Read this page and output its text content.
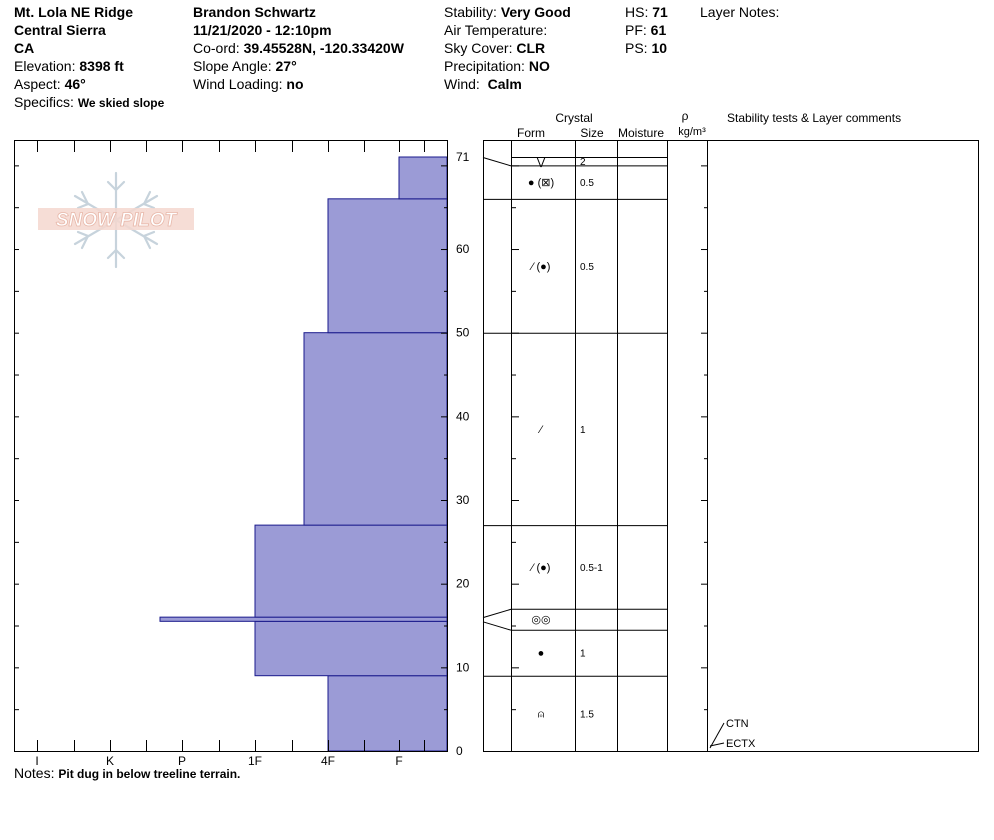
Mt. Lola NE Ridge
Central Sierra
CA
Elevation: 8398 ft
Aspect: 46°
Specifics: We skied slope
Brandon Schwartz
11/21/2020 - 12:10pm
Co-ord: 39.45528N, -120.33420W
Slope Angle: 27°
Wind Loading: no
Stability: Very Good
Air Temperature:
Sky Cover: CLR
Precipitation: NO
Wind: Calm
HS: 71
PF: 61
PS: 10
Layer Notes:
SNOW PILOT
I	K	P	1F	4F	F
0
10
20
30
40
50
60
71
Crystal
Form	Size Moisture
ρ
kg/m³
Stability tests & Layer comments
⋁	2
● (⊠)	0.5
⁄ (●)	0.5
⁄	1
⁄ (●)	0.5-1
◎◎
●	1
⍝	1.5
CTN
ECTX
Notes: Pit dug in below treeline terrain.
